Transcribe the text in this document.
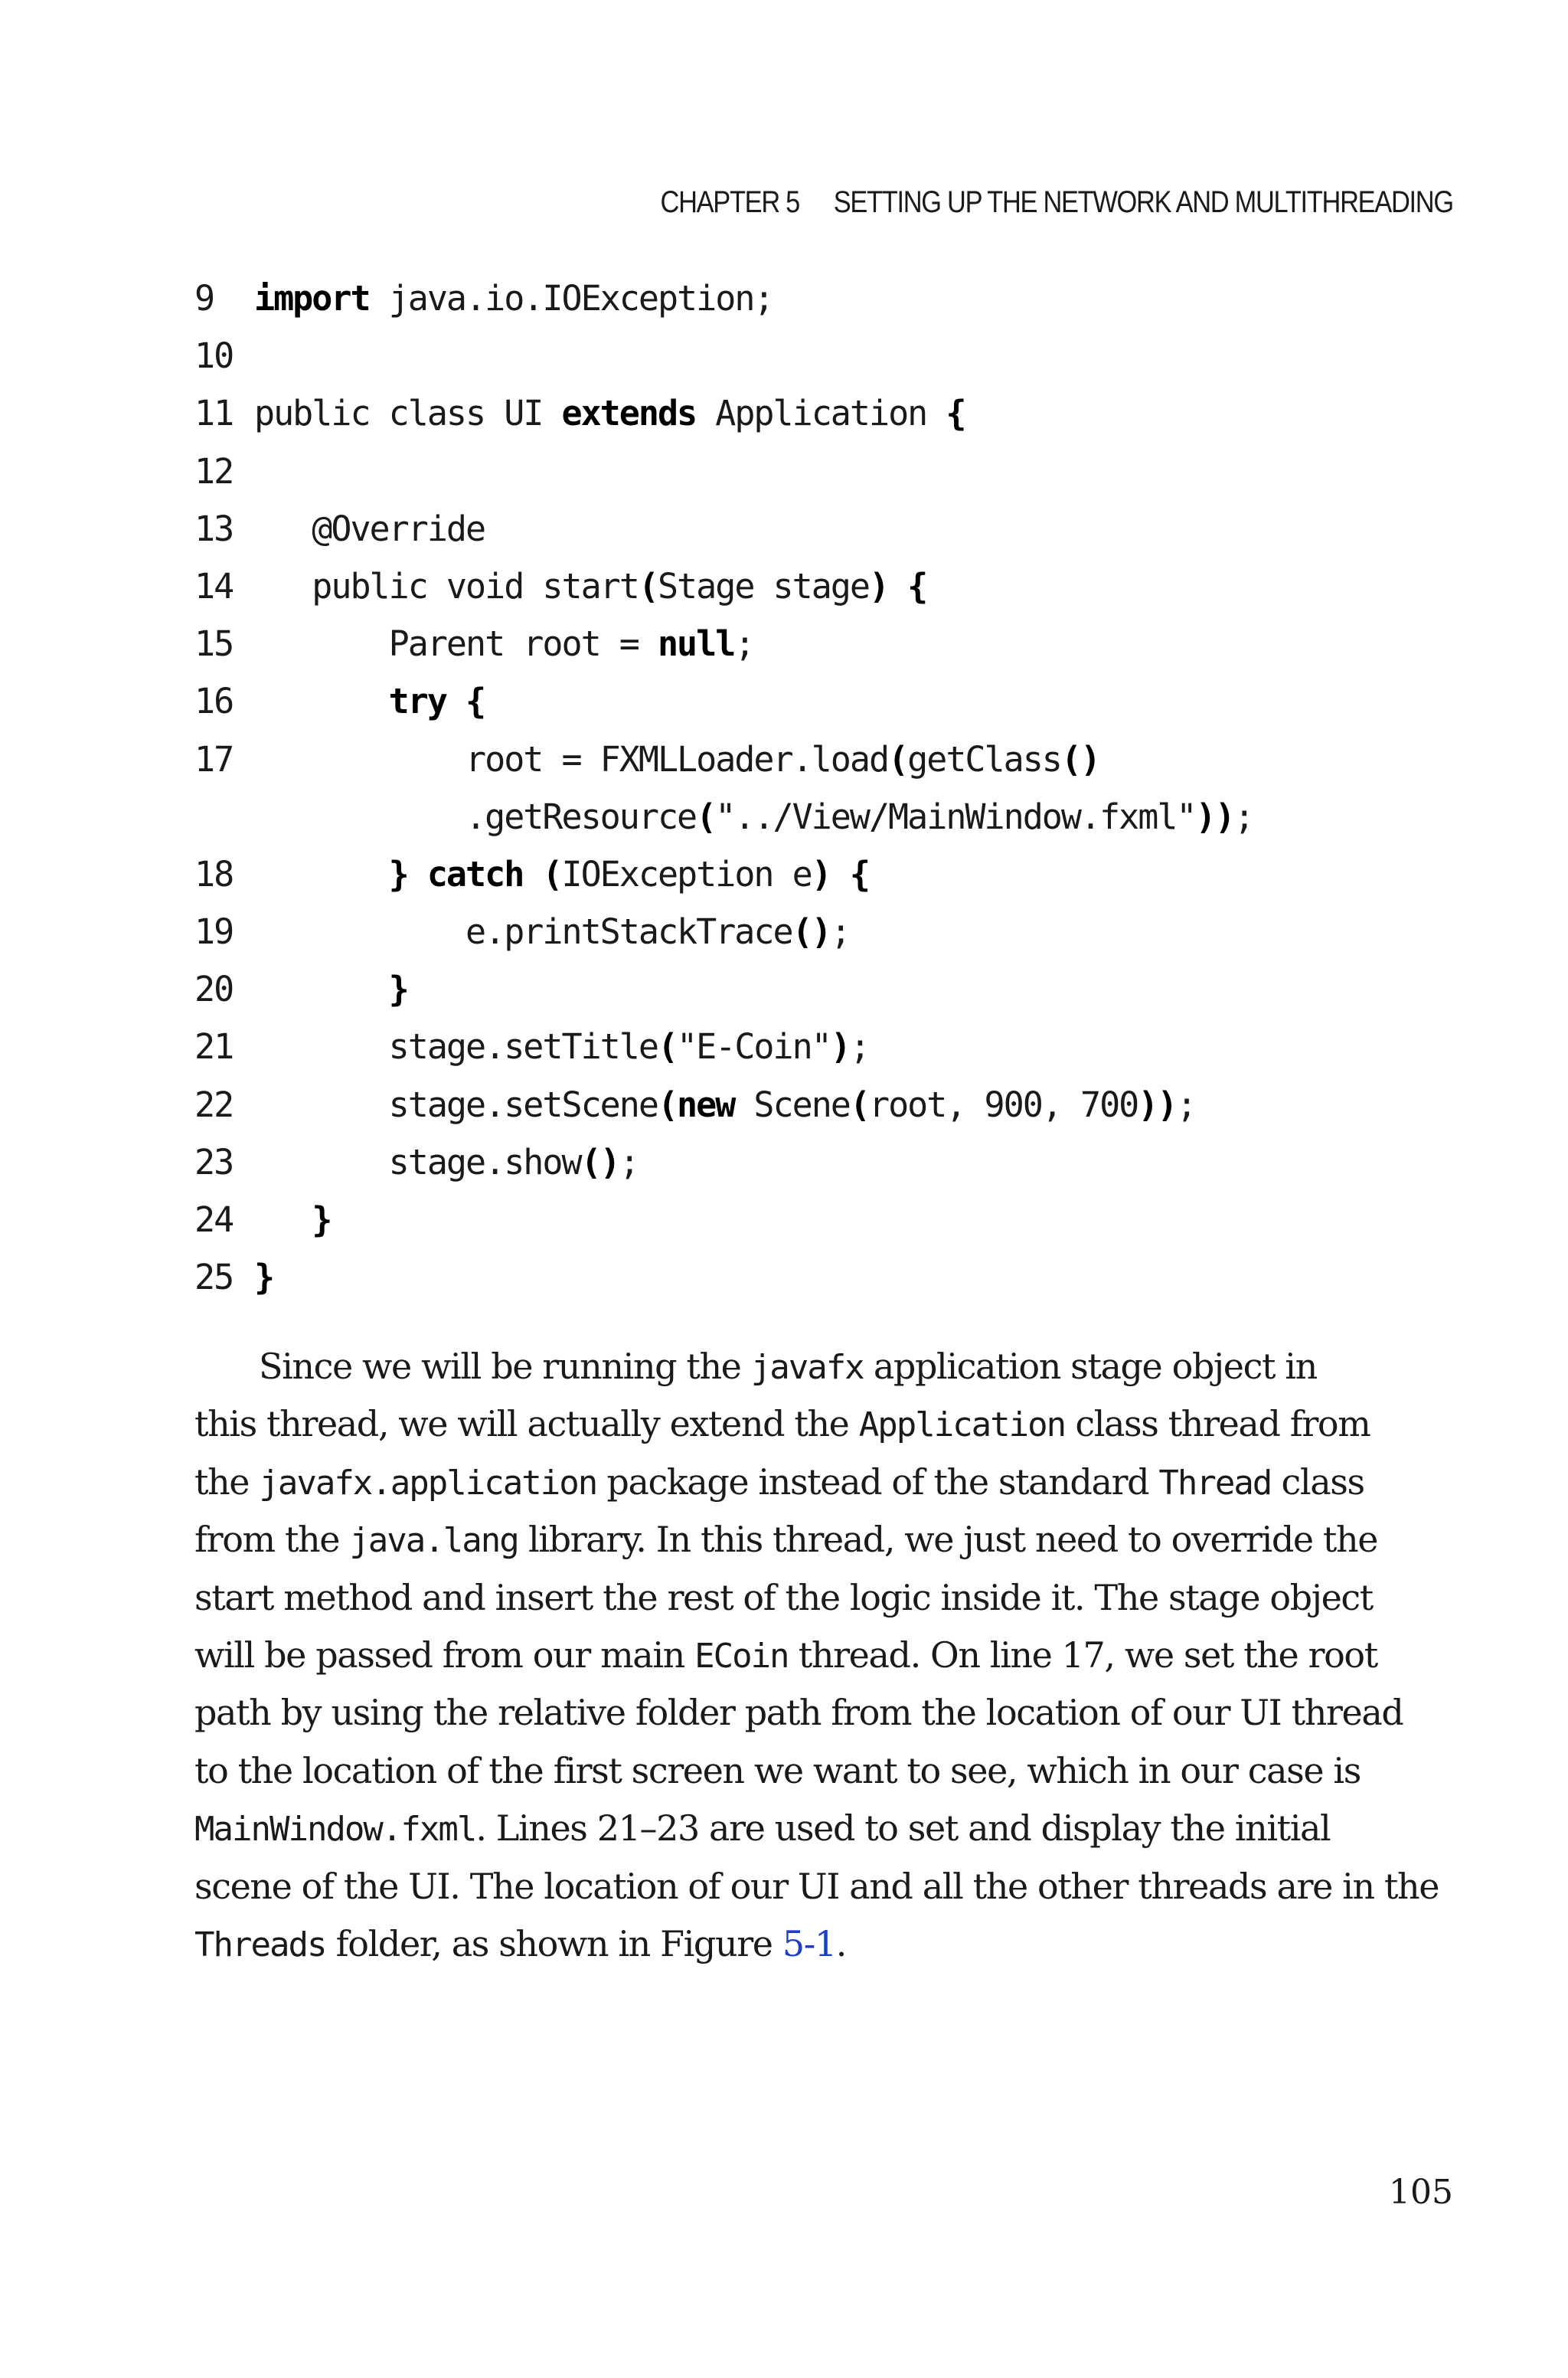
CHAPTER 5 SETTING UP THE NETWORK AND MULTITHREADING
9	import java.io.IOException;
10
11 public class UI extends Application {
12
13 @Override
14 public void start(Stage stage) {
15 Parent root = null;
16	try {
17 root = FXMLLoader.load(getClass()
.getResource("../View/MainWindow.fxml"));
18	} catch (IOException e) {
19 e.printStackTrace();
20	}
21 stage.setTitle("E-Coin");
22 stage.setScene(new Scene(root, 900, 700));
23 stage.show();
24	}
25 }
Since we will be running the javafx application stage object in
this thread, we will actually extend the Application class thread from
the javafx.application package instead of the standard Thread class
from the java.lang library. In this thread, we just need to override the
start method and insert the rest of the logic inside it. The stage object
will be passed from our main ECoin thread. On line 17, we set the root
path by using the relative folder path from the location of our UI thread
to the location of the first screen we want to see, which in our case is
MainWindow.fxml. Lines 21–23 are used to set and display the initial
scene of the UI. The location of our UI and all the other threads are in the
Threads folder, as shown in Figure 5-1.
105
